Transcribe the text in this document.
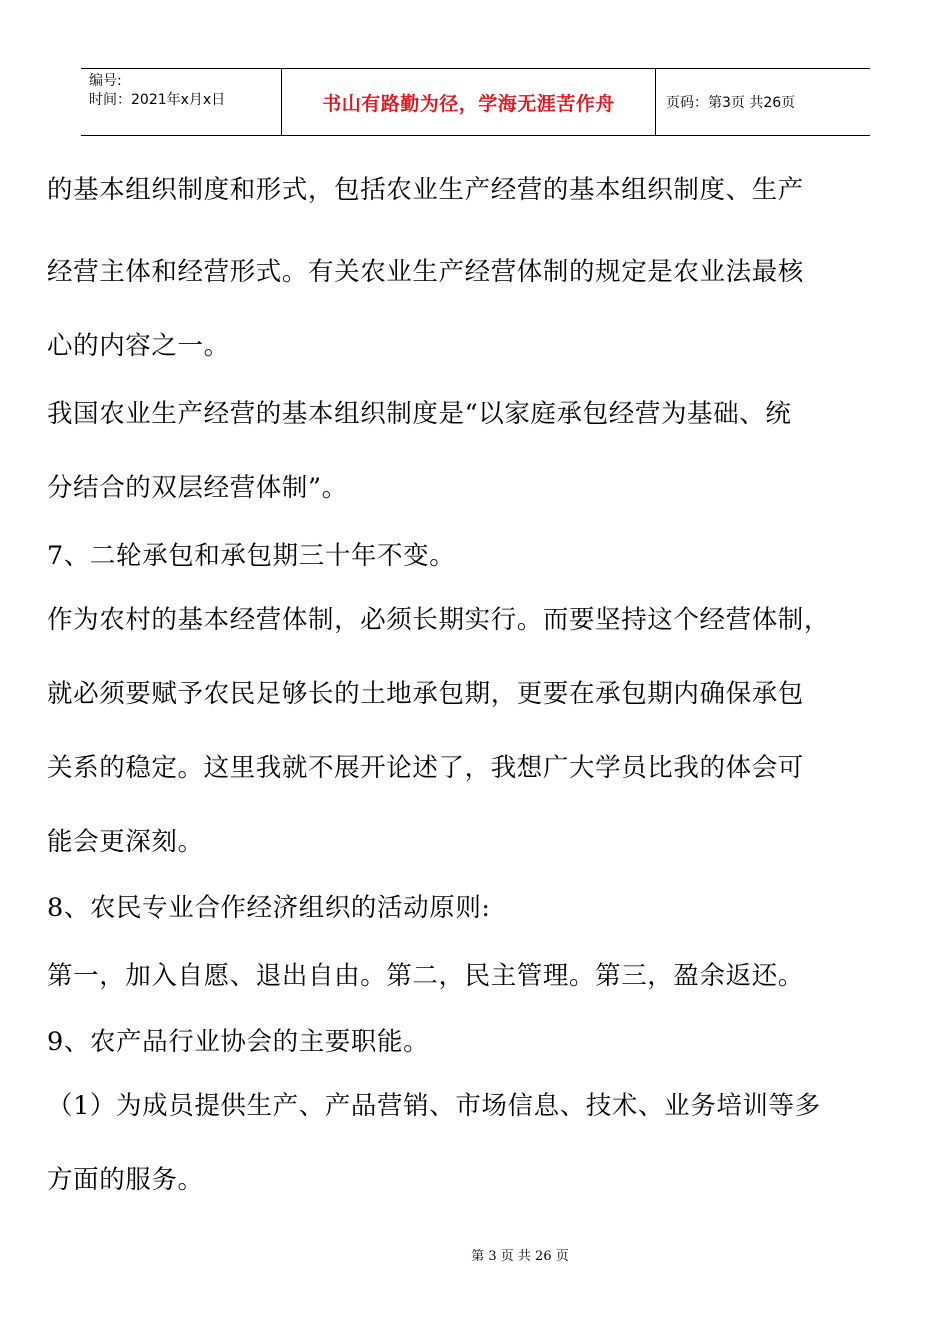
编号:
时间：2021年x月x日	书山有路勤为径，学海无涯苦作舟	页码：第3页 共26页
的基本组织制度和形式，包括农业生产经营的基本组织制度、生产
经营主体和经营形式。有关农业生产经营体制的规定是农业法最核
心的内容之一。
我国农业生产经营的基本组织制度是“以家庭承包经营为基础、统
分结合的双层经营体制”。
7、二轮承包和承包期三十年不变。
作为农村的基本经营体制，必须长期实行。而要坚持这个经营体制，
就必须要赋予农民足够长的土地承包期，更要在承包期内确保承包
关系的稳定。这里我就不展开论述了，我想广大学员比我的体会可
能会更深刻。
8、农民专业合作经济组织的活动原则:
第一，加入自愿、退出自由。第二，民主管理。第三，盈余返还。
9、农产品行业协会的主要职能。
（1）为成员提供生产、产品营销、市场信息、技术、业务培训等多
方面的服务。
第 3 页 共 26 页
